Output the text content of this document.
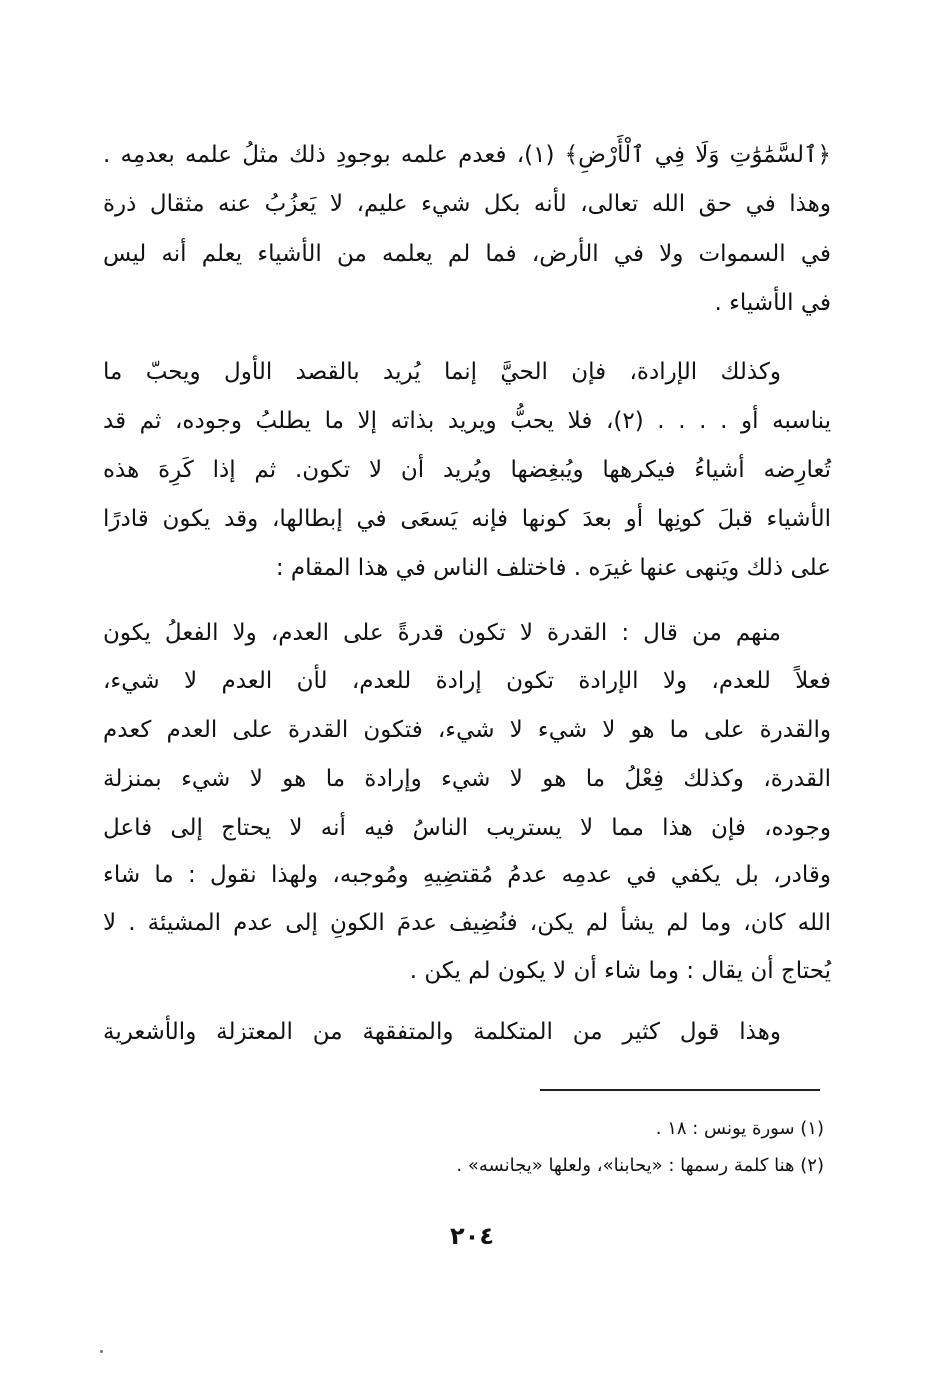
﴿ٱلسَّمَٰوَٰتِ وَلَا فِي ٱلْأَرْضِ﴾ (١)، فعدم علمه بوجودِ ذلك مثلُ علمه بعدمِه .
وهذا في حق الله تعالى، لأنه بكل شيء عليم، لا يَعزُبُ عنه مثقال ذرة
في السموات ولا في الأرض، فما لم يعلمه من الأشياء يعلم أنه ليس
في الأشياء .
وكذلك الإرادة، فإن الحيَّ إنما يُريد بالقصد الأول ويحبّ ما
يناسبه أو . . . . (٢)، فلا يحبُّ ويريد بذاته إلا ما يطلبُ وجوده، ثم قد
تُعارِضه أشياءُ فيكرهها ويُبغِضها ويُريد أن لا تكون. ثم إذا كَرِهَ هذه
الأشياء قبلَ كونِها أو بعدَ كونها فإنه يَسعَى في إبطالها، وقد يكون قادرًا
على ذلك ويَنهى عنها غيرَه . فاختلف الناس في هذا المقام :
منهم من قال : القدرة لا تكون قدرةً على العدم، ولا الفعلُ يكون
فعلاً للعدم، ولا الإرادة تكون إرادة للعدم، لأن العدم لا شيء،
والقدرة على ما هو لا شيء لا شيء، فتكون القدرة على العدم كعدم
القدرة، وكذلك فِعْلُ ما هو لا شيء وإرادة ما هو لا شيء بمنزلة
وجوده، فإن هذا مما لا يستريب الناسُ فيه أنه لا يحتاج إلى فاعل
وقادر، بل يكفي في عدمِه عدمُ مُقتضِيهِ ومُوجبه، ولهذا نقول : ما شاء
الله كان، وما لم يشأ لم يكن، فنُضِيف عدمَ الكونِ إلى عدم المشيئة . لا
يُحتاج أن يقال : وما شاء أن لا يكون لم يكن .
وهذا قول كثير من المتكلمة والمتفقهة من المعتزلة والأشعرية
(١) سورة يونس : ١٨ .
(٢) هنا كلمة رسمها : «يحابنا»، ولعلها «يجانسه» .
٢٠٤
